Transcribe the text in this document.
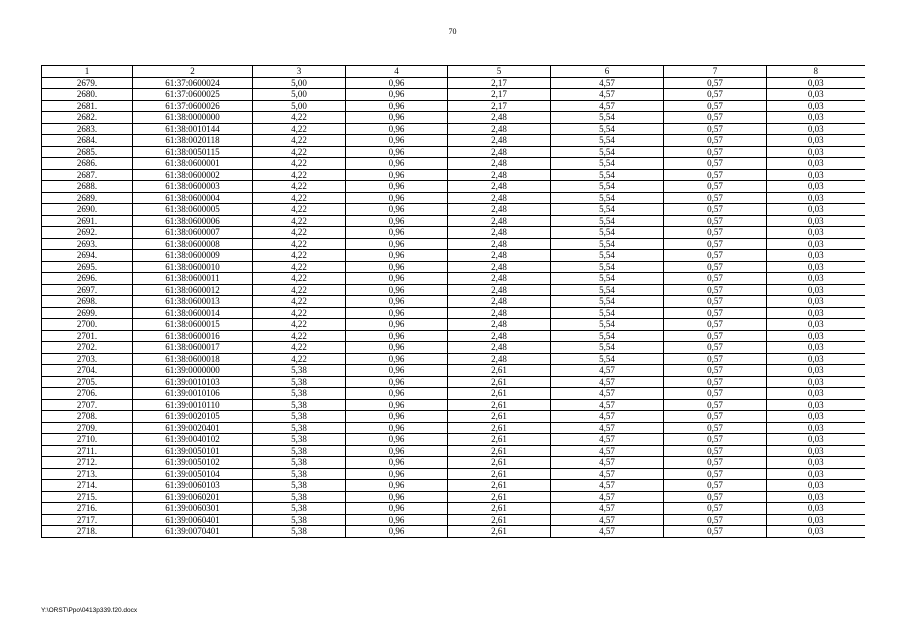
70
1	2	3	4	5	6	7	8
2679.	61:37:0600024	5,00	0,96	2,17	4,57	0,57	0,03
2680.	61:37:0600025	5,00	0,96	2,17	4,57	0,57	0,03
2681.	61:37:0600026	5,00	0,96	2,17	4,57	0,57	0,03
2682.	61:38:0000000	4,22	0,96	2,48	5,54	0,57	0,03
2683.	61:38:0010144	4,22	0,96	2,48	5,54	0,57	0,03
2684.	61:38:0020118	4,22	0,96	2,48	5,54	0,57	0,03
2685.	61:38:0050115	4,22	0,96	2,48	5,54	0,57	0,03
2686.	61:38:0600001	4,22	0,96	2,48	5,54	0,57	0,03
2687.	61:38:0600002	4,22	0,96	2,48	5,54	0,57	0,03
2688.	61:38:0600003	4,22	0,96	2,48	5,54	0,57	0,03
2689.	61:38:0600004	4,22	0,96	2,48	5,54	0,57	0,03
2690.	61:38:0600005	4,22	0,96	2,48	5,54	0,57	0,03
2691.	61:38:0600006	4,22	0,96	2,48	5,54	0,57	0,03
2692.	61:38:0600007	4,22	0,96	2,48	5,54	0,57	0,03
2693.	61:38:0600008	4,22	0,96	2,48	5,54	0,57	0,03
2694.	61:38:0600009	4,22	0,96	2,48	5,54	0,57	0,03
2695.	61:38:0600010	4,22	0,96	2,48	5,54	0,57	0,03
2696.	61:38:0600011	4,22	0,96	2,48	5,54	0,57	0,03
2697.	61:38:0600012	4,22	0,96	2,48	5,54	0,57	0,03
2698.	61:38:0600013	4,22	0,96	2,48	5,54	0,57	0,03
2699.	61:38:0600014	4,22	0,96	2,48	5,54	0,57	0,03
2700.	61:38:0600015	4,22	0,96	2,48	5,54	0,57	0,03
2701.	61:38:0600016	4,22	0,96	2,48	5,54	0,57	0,03
2702.	61:38:0600017	4,22	0,96	2,48	5,54	0,57	0,03
2703.	61:38:0600018	4,22	0,96	2,48	5,54	0,57	0,03
2704.	61:39:0000000	5,38	0,96	2,61	4,57	0,57	0,03
2705.	61:39:0010103	5,38	0,96	2,61	4,57	0,57	0,03
2706.	61:39:0010106	5,38	0,96	2,61	4,57	0,57	0,03
2707.	61:39:0010110	5,38	0,96	2,61	4,57	0,57	0,03
2708.	61:39:0020105	5,38	0,96	2,61	4,57	0,57	0,03
2709.	61:39:0020401	5,38	0,96	2,61	4,57	0,57	0,03
2710.	61:39:0040102	5,38	0,96	2,61	4,57	0,57	0,03
2711.	61:39:0050101	5,38	0,96	2,61	4,57	0,57	0,03
2712.	61:39:0050102	5,38	0,96	2,61	4,57	0,57	0,03
2713.	61:39:0050104	5,38	0,96	2,61	4,57	0,57	0,03
2714.	61:39:0060103	5,38	0,96	2,61	4,57	0,57	0,03
2715.	61:39:0060201	5,38	0,96	2,61	4,57	0,57	0,03
2716.	61:39:0060301	5,38	0,96	2,61	4,57	0,57	0,03
2717.	61:39:0060401	5,38	0,96	2,61	4,57	0,57	0,03
2718.	61:39:0070401	5,38	0,96	2,61	4,57	0,57	0,03
Y:\ORST\Ppo\0413p339.f20.docx
